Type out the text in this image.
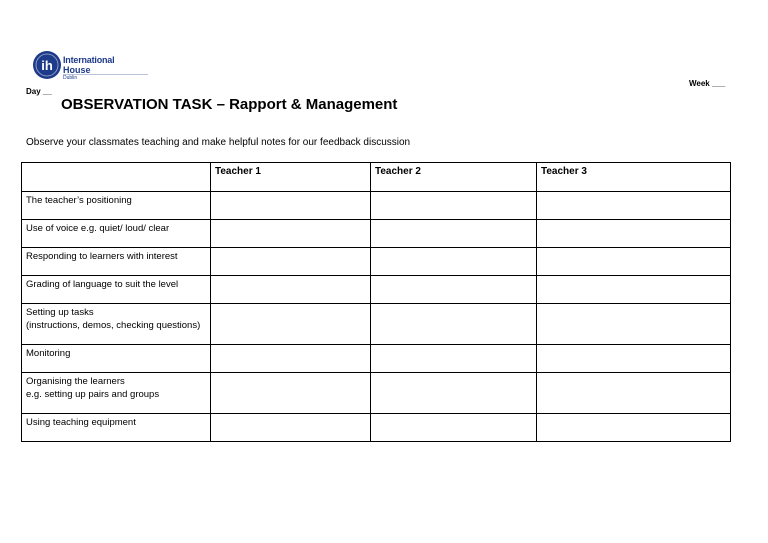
ih International
House
Dublin
Day __
Week ___
OBSERVATION TASK – Rapport & Management
Observe your classmates teaching and make helpful notes for our feedback discussion
	Teacher 1	Teacher 2	Teacher 3

The teacher’s positioning			

Use of voice e.g. quiet/ loud/ clear			

Responding to learners with interest			

Grading of language to suit the level			

Setting up tasks
(instructions, demos, checking questions)			

Monitoring			

Organising the learners
e.g. setting up pairs and groups			

Using teaching equipment			
